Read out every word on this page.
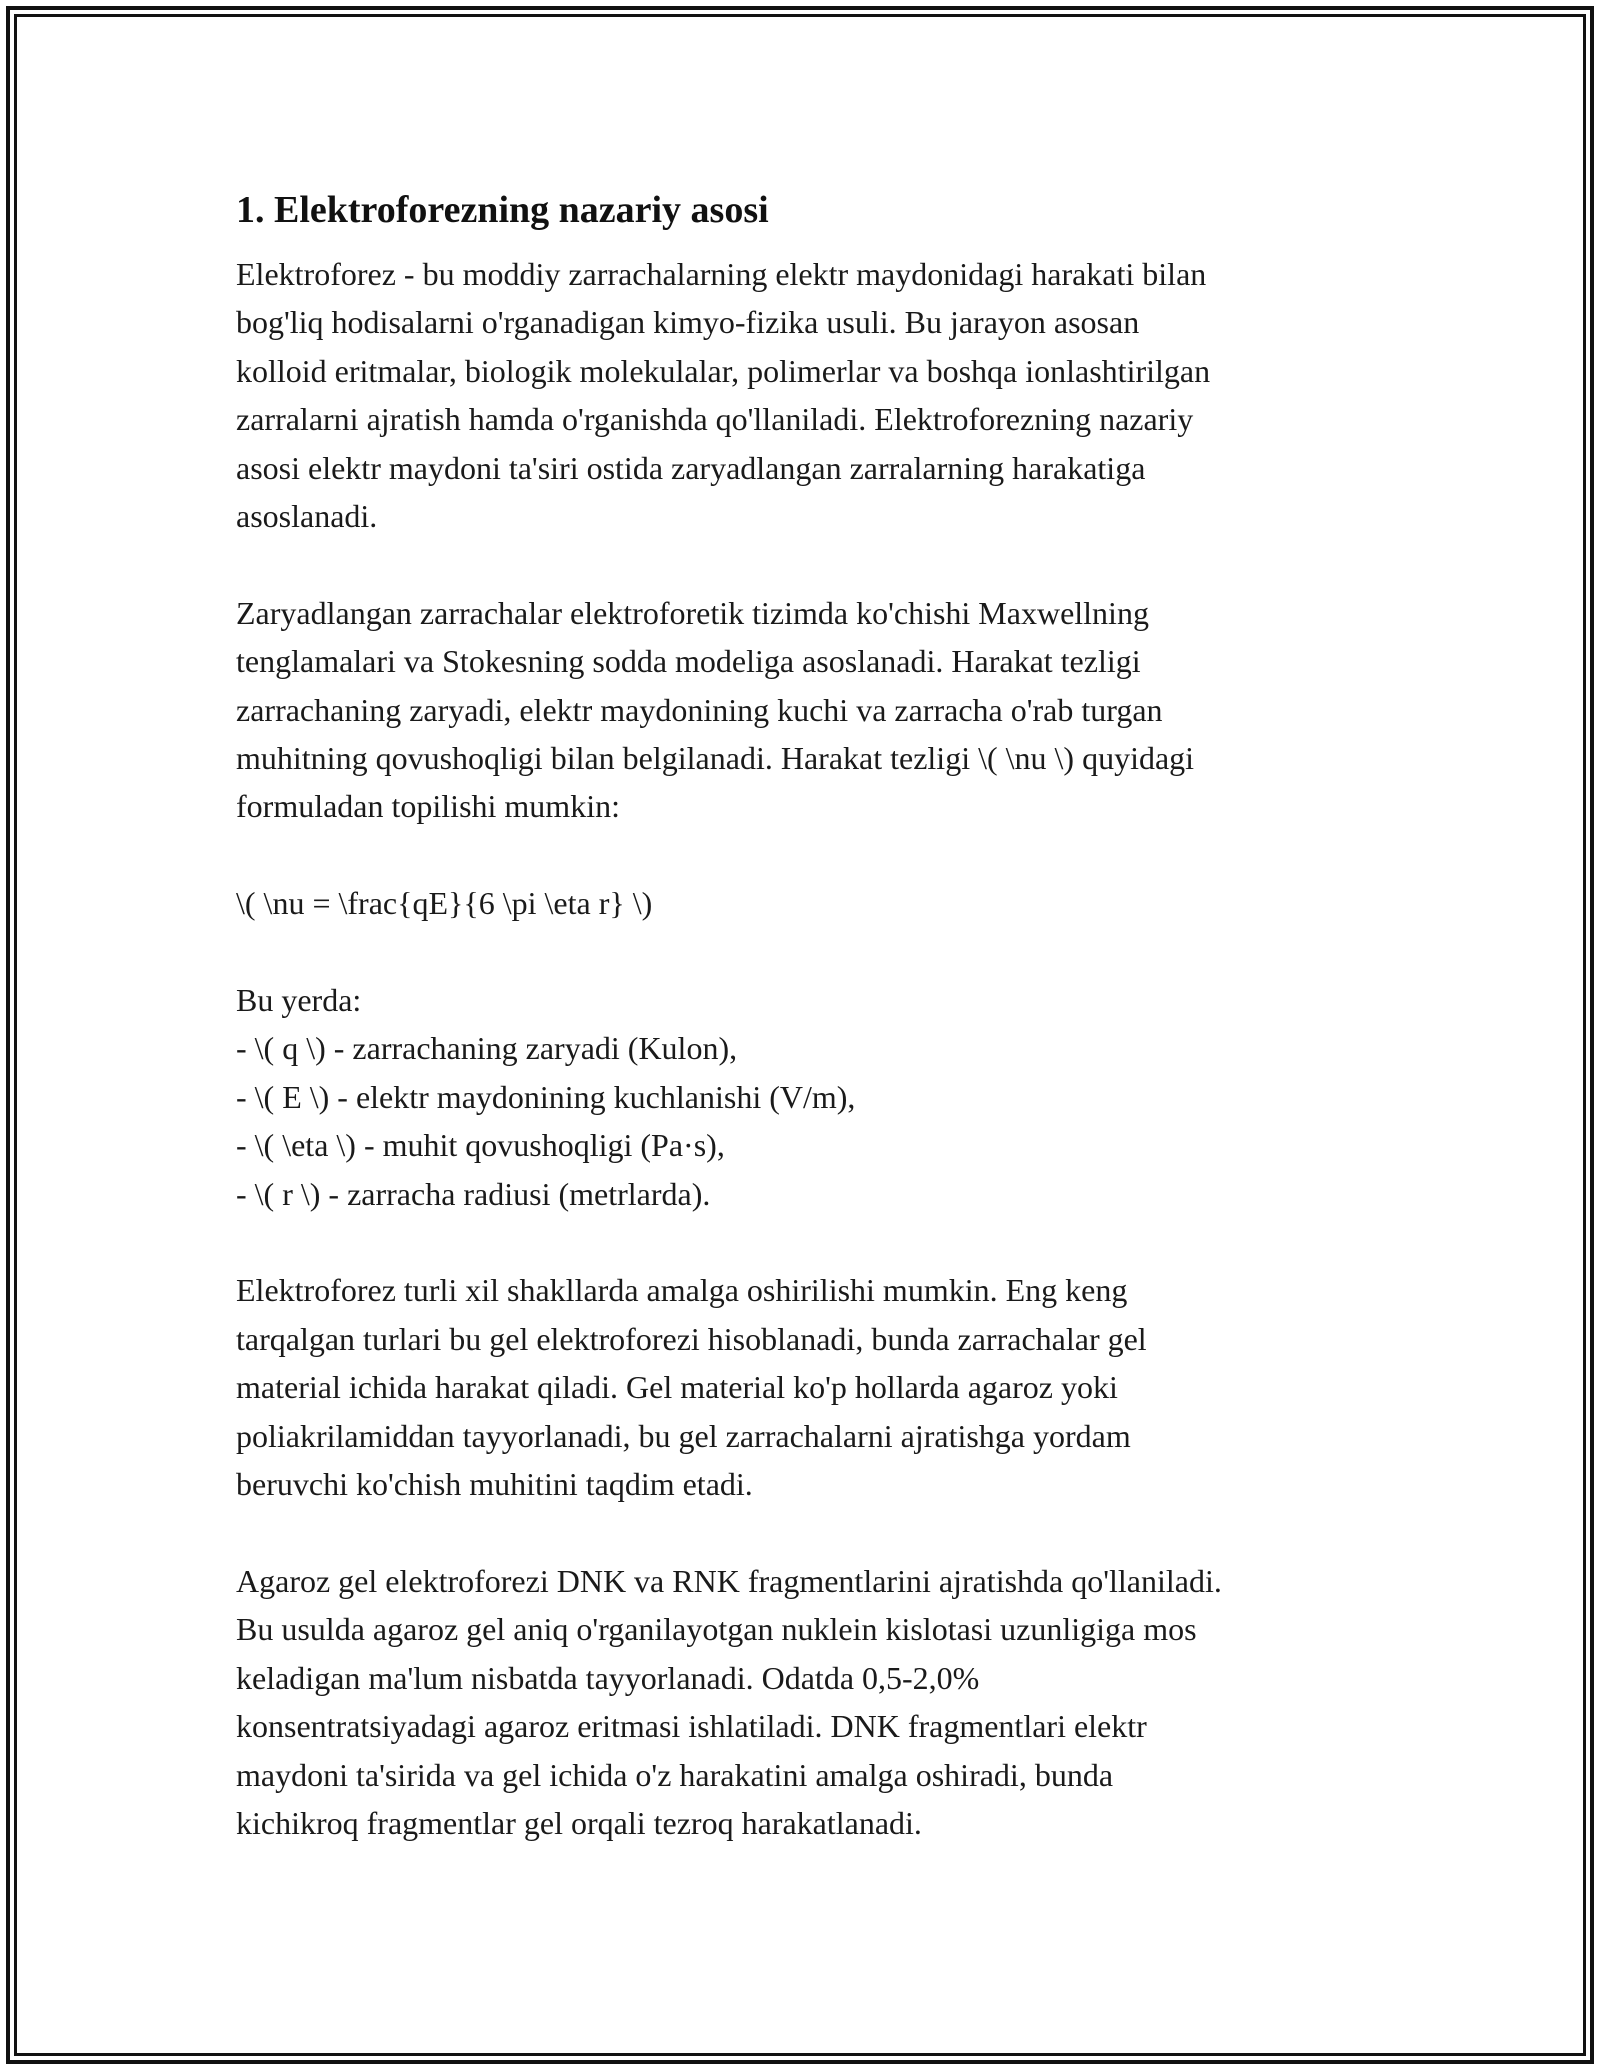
1. Elektroforezning nazariy asosi
Elektroforez - bu moddiy zarrachalarning elektr maydonidagi harakati bilan
bog'liq hodisalarni o'rganadigan kimyo-fizika usuli. Bu jarayon asosan
kolloid eritmalar, biologik molekulalar, polimerlar va boshqa ionlashtirilgan
zarralarni ajratish hamda o'rganishda qo'llaniladi. Elektroforezning nazariy
asosi elektr maydoni ta'siri ostida zaryadlangan zarralarning harakatiga
asoslanadi.
Zaryadlangan zarrachalar elektroforetik tizimda ko'chishi Maxwellning
tenglamalari va Stokesning sodda modeliga asoslanadi. Harakat tezligi
zarrachaning zaryadi, elektr maydonining kuchi va zarracha o'rab turgan
muhitning qovushoqligi bilan belgilanadi. Harakat tezligi \( \nu \) quyidagi
formuladan topilishi mumkin:
\( \nu = \frac{qE}{6 \pi \eta r} \)
Bu yerda:
- \( q \) - zarrachaning zaryadi (Kulon),
- \( E \) - elektr maydonining kuchlanishi (V/m),
- \( \eta \) - muhit qovushoqligi (Pa·s),
- \( r \) - zarracha radiusi (metrlarda).
Elektroforez turli xil shakllarda amalga oshirilishi mumkin. Eng keng
tarqalgan turlari bu gel elektroforezi hisoblanadi, bunda zarrachalar gel
material ichida harakat qiladi. Gel material ko'p hollarda agaroz yoki
poliakrilamiddan tayyorlanadi, bu gel zarrachalarni ajratishga yordam
beruvchi ko'chish muhitini taqdim etadi.
Agaroz gel elektroforezi DNK va RNK fragmentlarini ajratishda qo'llaniladi.
Bu usulda agaroz gel aniq o'rganilayotgan nuklein kislotasi uzunligiga mos
keladigan ma'lum nisbatda tayyorlanadi. Odatda 0,5-2,0%
konsentratsiyadagi agaroz eritmasi ishlatiladi. DNK fragmentlari elektr
maydoni ta'sirida va gel ichida o'z harakatini amalga oshiradi, bunda
kichikroq fragmentlar gel orqali tezroq harakatlanadi.
